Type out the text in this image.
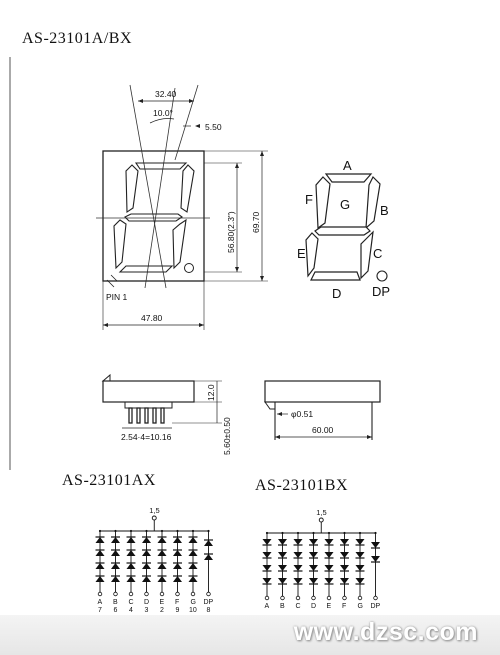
AS-23101A/BX
PIN 1
32.40
10.0°
5.50
56.80(2.3") 69.70
47.80
A
B
C
D
E
F G
DP
12.0
5.60±0.50
2.54·4=10.16
φ0.51
60.00
1,5
A
7
B
6
C
4
D
3
E
2
F
9
G
10
DP
8
1,5
A B C D E F G DP
AS-23101AX	AS-23101BX
www.dzsc.com
